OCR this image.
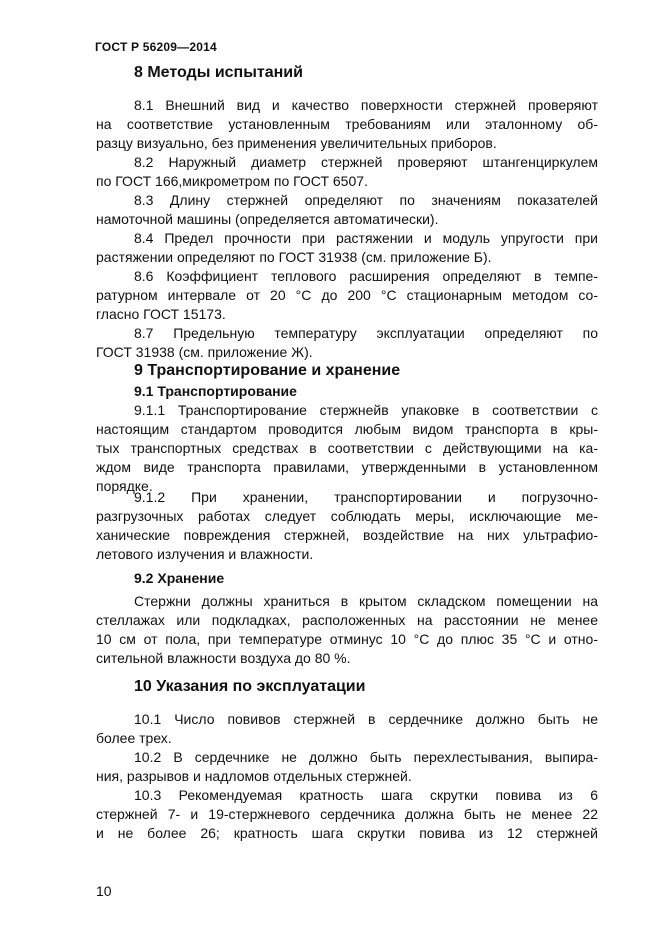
ГОСТ Р 56209—2014
8 Методы испытаний
8.1 Внешний вид и качество поверхности стержней проверяют
на соответствие установленным требованиям или эталонному об-
разцу визуально, без применения увеличительных приборов.
8.2 Наружный диаметр стержней проверяют штангенциркулем
по ГОСТ 166,микрометром по ГОСТ 6507.
8.3 Длину стержней определяют по значениям показателей
намоточной машины (определяется автоматически).
8.4 Предел прочности при растяжении и модуль упругости при
растяжении определяют по ГОСТ 31938 (см. приложение Б).
8.6 Коэффициент теплового расширения определяют в темпе-
ратурном интервале от 20 °С до 200 °С стационарным методом со-
гласно ГОСТ 15173.
8.7 Предельную температуру эксплуатации определяют по
ГОСТ 31938 (см. приложение Ж).
9 Транспортирование и хранение
9.1 Транспортирование
9.1.1 Транспортирование стержнейв упаковке в соответствии с
настоящим стандартом проводится любым видом транспорта в кры-
тых транспортных средствах в соответствии с действующими на ка-
ждом виде транспорта правилами, утвержденными в установленном
порядке.
9.1.2 При хранении, транспортировании и погрузочно-
разгрузочных работах следует соблюдать меры, исключающие ме-
ханические повреждения стержней, воздействие на них ультрафио-
летового излучения и влажности.
9.2 Хранение
Стержни должны храниться в крытом складском помещении на
стеллажах или подкладках, расположенных на расстоянии не менее
10 см от пола, при температуре отминус 10 °С до плюс 35 °С и отно-
сительной влажности воздуха до 80 %.
10 Указания по эксплуатации
10.1 Число повивов стержней в сердечнике должно быть не
более трех.
10.2 В сердечнике не должно быть перехлестывания, выпира-
ния, разрывов и надломов отдельных стержней.
10.3 Рекомендуемая кратность шага скрутки повива из 6
стержней 7- и 19-стержневого сердечника должна быть не менее 22
и не более 26; кратность шага скрутки повива из 12 стержней
10
